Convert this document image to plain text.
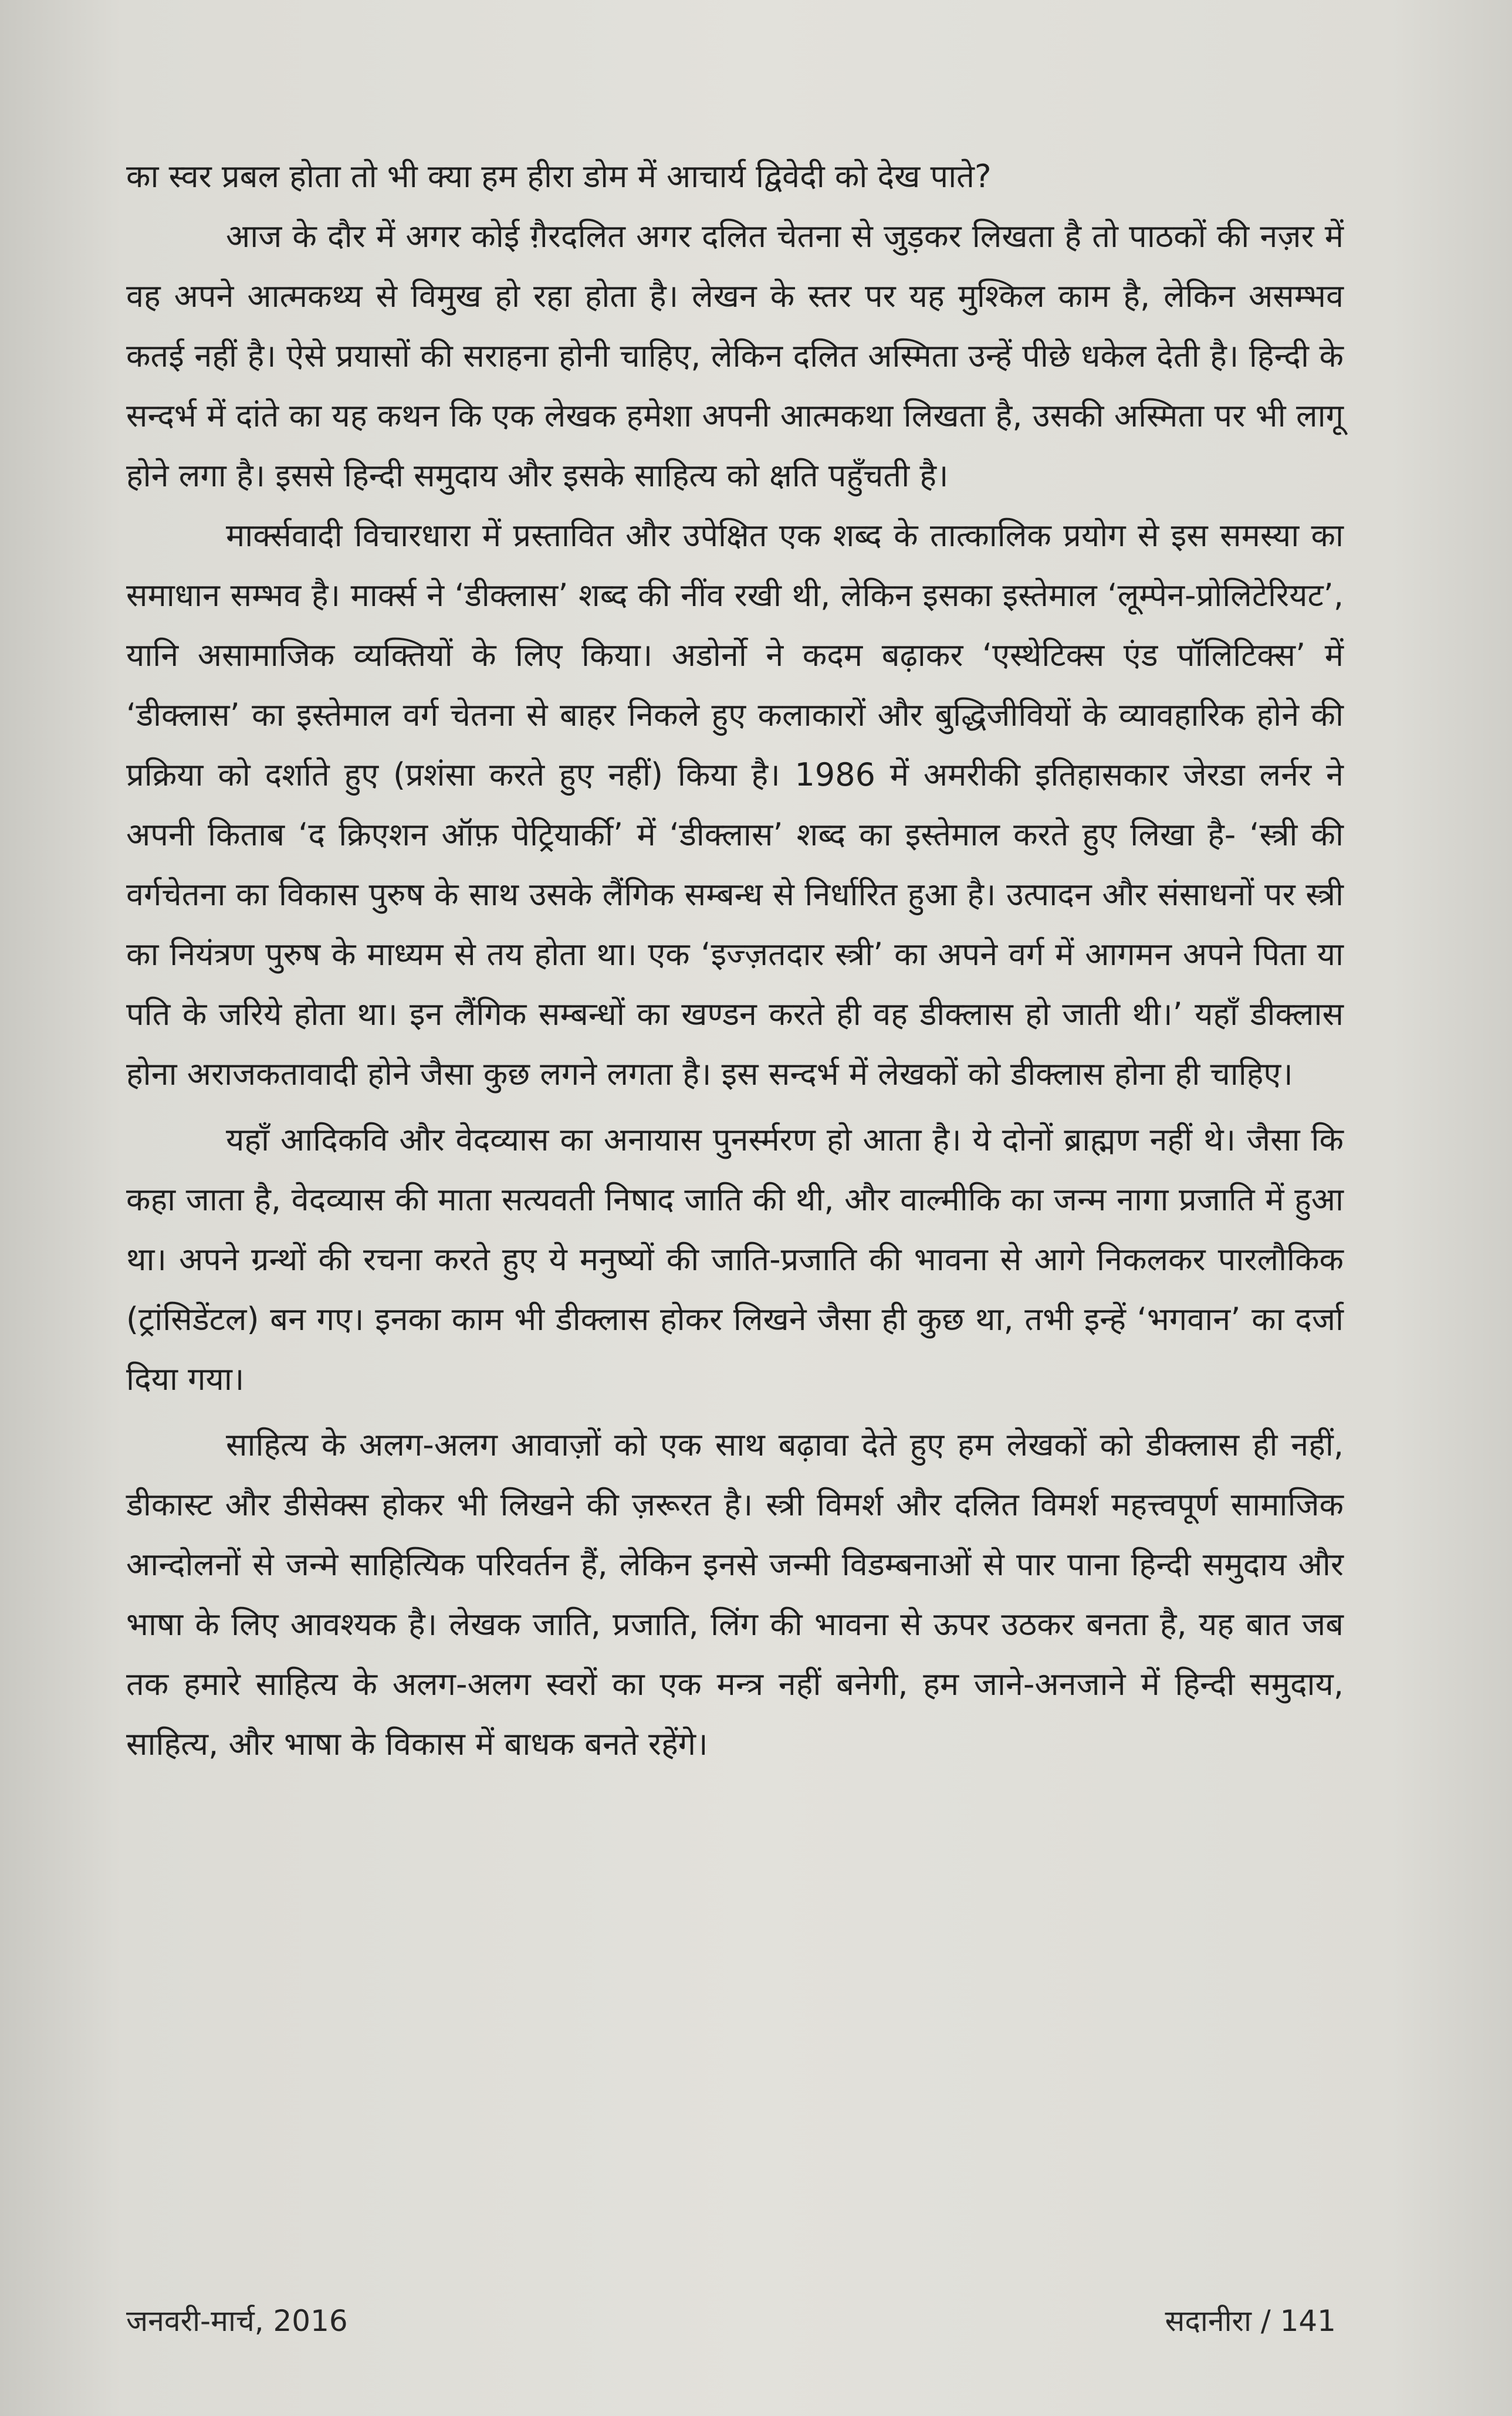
का स्वर प्रबल होता तो भी क्या हम हीरा डोम में आचार्य द्विवेदी को देख पाते?

आज के दौर में अगर कोई ग़ैरदलित अगर दलित चेतना से जुड़कर लिखता है तो पाठकों की नज़र में वह अपने आत्मकथ्य से विमुख हो रहा होता है। लेखन के स्तर पर यह मुश्किल काम है, लेकिन असम्भव कतई नहीं है। ऐसे प्रयासों की सराहना होनी चाहिए, लेकिन दलित अस्मिता उन्हें पीछे धकेल देती है। हिन्दी के सन्दर्भ में दांते का यह कथन कि एक लेखक हमेशा अपनी आत्मकथा लिखता है, उसकी अस्मिता पर भी लागू होने लगा है। इससे हिन्दी समुदाय और इसके साहित्य को क्षति पहुँचती है।

मार्क्सवादी विचारधारा में प्रस्तावित और उपेक्षित एक शब्द के तात्कालिक प्रयोग से इस समस्या का समाधान सम्भव है। मार्क्स ने ‘डीक्लास’ शब्द की नींव रखी थी, लेकिन इसका इस्तेमाल ‘लूम्पेन-प्रोलिटेरियट’, यानि असामाजिक व्यक्तियों के लिए किया। अडोर्नो ने कदम बढ़ाकर ‘एस्थेटिक्स एंड पॉलिटिक्स’ में ‘डीक्लास’ का इस्तेमाल वर्ग चेतना से बाहर निकले हुए कलाकारों और बुद्धिजीवियों के व्यावहारिक होने की प्रक्रिया को दर्शाते हुए (प्रशंसा करते हुए नहीं) किया है। 1986 में अमरीकी इतिहासकार जेरडा लर्नर ने अपनी किताब ‘द क्रिएशन ऑफ़ पेट्रियार्की’ में ‘डीक्लास’ शब्द का इस्तेमाल करते हुए लिखा है- ‘स्त्री की वर्गचेतना का विकास पुरुष के साथ उसके लैंगिक सम्बन्ध से निर्धारित हुआ है। उत्पादन और संसाधनों पर स्त्री का नियंत्रण पुरुष के माध्यम से तय होता था। एक ‘इज्ज़तदार स्त्री’ का अपने वर्ग में आगमन अपने पिता या पति के जरिये होता था। इन लैंगिक सम्बन्धों का खण्डन करते ही वह डीक्लास हो जाती थी।’ यहाँ डीक्लास होना अराजकतावादी होने जैसा कुछ लगने लगता है। इस सन्दर्भ में लेखकों को डीक्लास होना ही चाहिए।

यहाँ आदिकवि और वेदव्यास का अनायास पुनर्स्मरण हो आता है। ये दोनों ब्राह्मण नहीं थे। जैसा कि कहा जाता है, वेदव्यास की माता सत्यवती निषाद जाति की थी, और वाल्मीकि का जन्म नागा प्रजाति में हुआ था। अपने ग्रन्थों की रचना करते हुए ये मनुष्यों की जाति-प्रजाति की भावना से आगे निकलकर पारलौकिक (ट्रांसिडेंटल) बन गए। इनका काम भी डीक्लास होकर लिखने जैसा ही कुछ था, तभी इन्हें ‘भगवान’ का दर्जा दिया गया।

साहित्य के अलग-अलग आवाज़ों को एक साथ बढ़ावा देते हुए हम लेखकों को डीक्लास ही नहीं, डीकास्ट और डीसेक्स होकर भी लिखने की ज़रूरत है। स्त्री विमर्श और दलित विमर्श महत्त्वपूर्ण सामाजिक आन्दोलनों से जन्मे साहित्यिक परिवर्तन हैं, लेकिन इनसे जन्मी विडम्बनाओं से पार पाना हिन्दी समुदाय और भाषा के लिए आवश्यक है। लेखक जाति, प्रजाति, लिंग की भावना से ऊपर उठकर बनता है, यह बात जब तक हमारे साहित्य के अलग-अलग स्वरों का एक मन्त्र नहीं बनेगी, हम जाने-अनजाने में हिन्दी समुदाय, साहित्य, और भाषा के विकास में बाधक बनते रहेंगे।

जनवरी-मार्च, 2016	सदानीरा / 141
